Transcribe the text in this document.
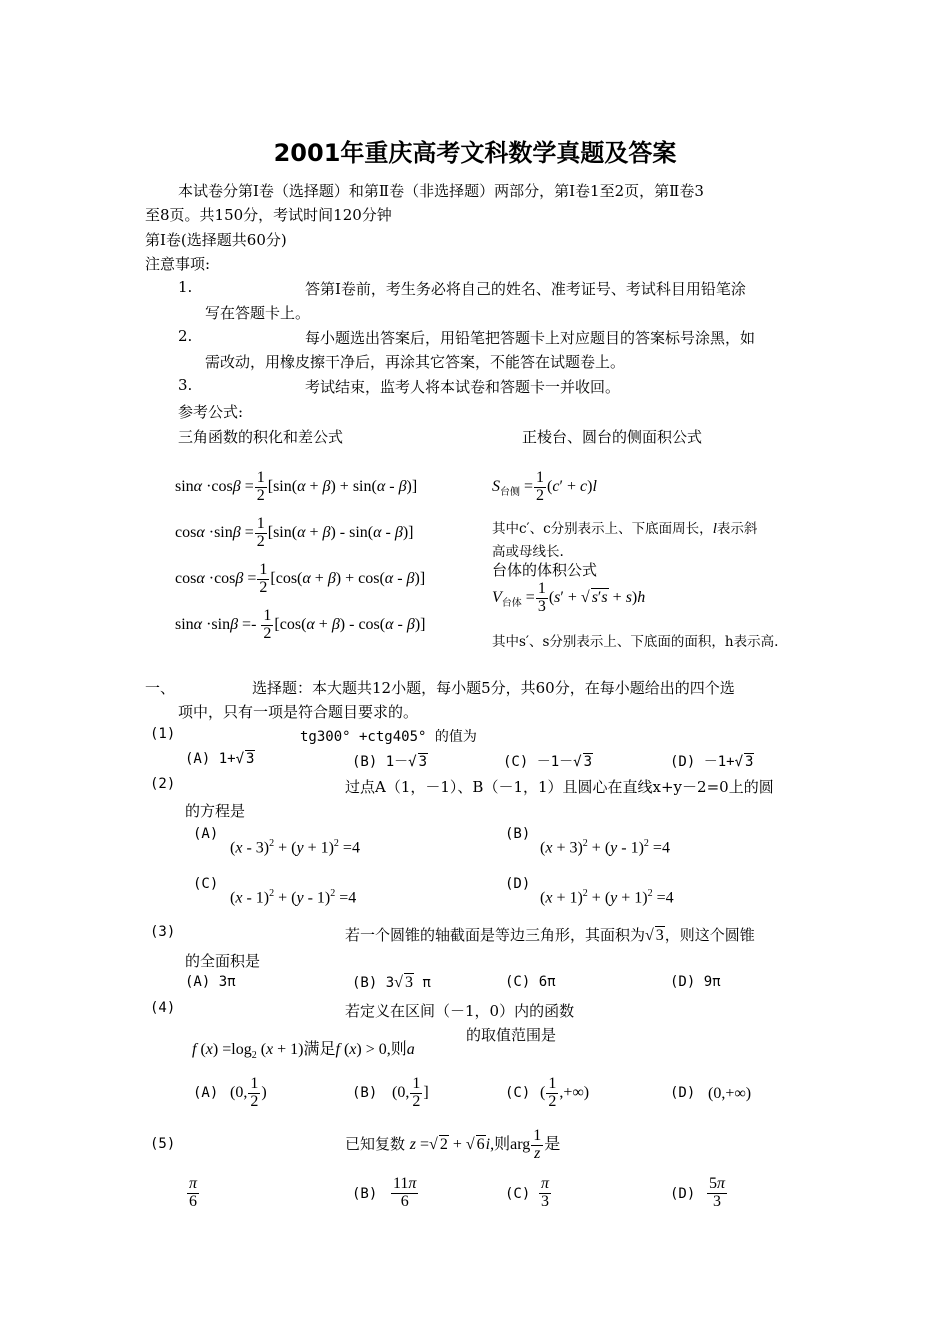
2001年重庆高考文科数学真题及答案
本试卷分第Ⅰ卷（选择题）和第Ⅱ卷（非选择题）两部分，第Ⅰ卷1至2页，第Ⅱ卷3
至8页。共150分，考试时间120分钟
第Ⅰ卷(选择题共60分)
注意事项:
1.	答第Ⅰ卷前，考生务必将自己的姓名、准考证号、考试科目用铅笔涂
写在答题卡上。
2.	每小题选出答案后，用铅笔把答题卡上对应题目的答案标号涂黑，如
需改动，用橡皮擦干净后，再涂其它答案，不能答在试题卷上。
3.	考试结束，监考人将本试卷和答题卡一并收回。
参考公式:
三角函数的积化和差公式	正棱台、圆台的侧面积公式
$\sin\alpha \cdot\cos\beta = \frac{1}{2} [\sin(\alpha + \beta) + \sin(\alpha - \beta)]$
$\cos\alpha \cdot\sin\beta = \frac{1}{2} [\sin(\alpha + \beta) - \sin(\alpha - \beta)]$
$\cos\alpha \cdot\cos\beta = \frac{1}{2} [\cos(\alpha + \beta) + \cos(\alpha - \beta)]$
$\sin\alpha \cdot\sin\beta =- \frac{1}{2} [\cos(\alpha + \beta) - \cos(\alpha - \beta)]$
$S_{台侧} = \frac{1}{2} (c' + c)l$
其中c′、c分别表示上、下底面周长，l表示斜
高或母线长.
台体的体积公式
$V_{台体} = \frac{1}{3} (s'$ + √ s′s + s)h
其中s′、s分别表示上、下底面的面积，h表示高.
一、	选择题：本大题共12小题，每小题5分，共60分，在每小题给出的四个选
项中，只有一项是符合题目要求的。
(1)	tg300° +ctg405° 的值为
(A) 1+√ 3	(B) 1－√ 3	(C) －1－√ 3	(D) －1+√ 3
(2)	过点A（1，－1）、B（－1，1）且圆心在直线x+y－2=0上的圆
的方程是
(A)
$(x - 3)^2 + (y + 1)^2 =4$
(B)
$(x + 3)^2 + (y - 1)^2 =4$
(C)
(x - 1)$^2$ + (y - 1)$^2$ =4
(D)
$(x + 1)^2 + (y + 1)^2 =4$
(3)	若一个圆锥的轴截面是等边三角形，其面积为√ 3，则这个圆锥
的全面积是
(A) 3π	(B) 3√ 3 π	(C) 6π	(D) 9π
(4)	若定义在区间（－1，0）内的函数
f $(x) =\log_2$ (x + 1)满足f (x) > 0,则a
的取值范围是
(A) (0, $\frac{1}{2}$ )	(B) (0, $\frac{1}{2}$ ]	(C) ( $\frac{1}{2}$ ,+∞)	(D) (0,+∞)
(5)	已知复数 z =√ 2 + √ 6i,则arg $\frac{1}{z}$ 是
$\frac{\pi}{6}$	$(B) \frac{11\pi}{6}$	$(C) \frac{\pi}{3}$	$(D) \frac{5\pi}{3}$
